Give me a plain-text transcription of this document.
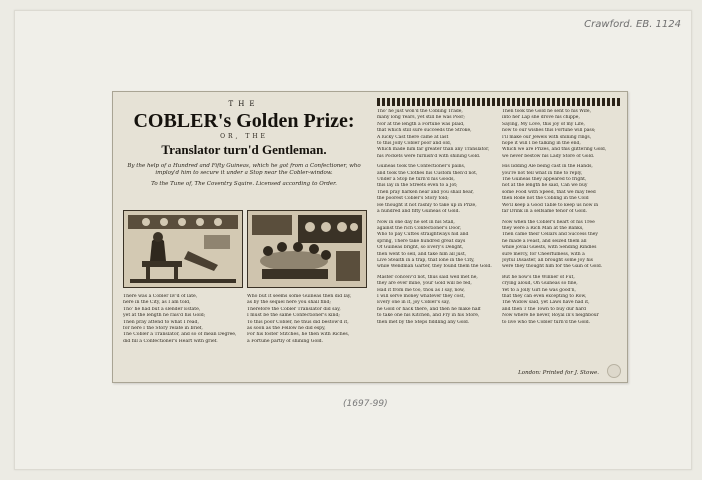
Crawford. EB. 1124
(1697-99)
THE
COBLER's Golden Prize:
OR, THE
Translator turn'd Gentleman.
By the help of a Hundred and Fifty Guineas, which he got from a Confectioner, who imploy'd him to secure it under a Stop near the Cobler-window.
To the Tune of, The Coventry Squire. Licensed according to Order.

There was a Cobler liv'd of late,

here in the City, as I am told,

Tho' he had but a slender Estate,

yet at the length he rais'd his Gold;

Then pray attend to what I read,

for here I the Story relate in brief,

The Cobler a Translator, and so of mean Degree,

did fill a Confectioner's Heart with grief.

Who but it seems some Guineas then did lay,

as by the sequel here you shall find;

Therefore the Cobler Translator did say,

I must be the same Confectioner's kind;

To this poor Cobler, he thus did bestow'd it,

as soon as the Fellow he did espy,

For his foster Stitches, he then with Riches,

a Fortune partly of shining Gold.

Tho' he just won'd the Cobling Trade,

many long Years, yet still he was Poor;

Nor at the length a Fortune was plaid,

that which still sure succeeds the Stroke,

A lucky Cast there came at last

to this Jolly Cobler poor and old,

Which made him far greater than any Translator,

his Pockets were furnish'd with shining Gold.

Guineas took the Confectioner's pains,

and took the Clothes his Custom then'd not,

Under a Stop he turn'd his Goods,

this lay in the Streets even to a Jot;

Then pray harken near and you shall hear,

the poorest Cobler's Story told;

He thought it not rashly to take up in Prize,

a hundred and fifty Guineas of Gold.

Now in one day he set in his Stall,

against the rich Confectioner's Door,

Who to pay Cuttes straightways hid and

spring, There take hundred great days

Of Guineas bright, so Every's Delight,

then went to sell, and take him all just,

Live Stealth in a trap, that lone in the City,

while Wendman Garter, they found them the Gold.

Master conceiv'd not, thus said well met he,

they are ever mine, your Gold will be fed,

Had it from me too, thou as I say, now,

I will serve money whatever they cost,

Every one in it, joy Cobler's say,

he Gold or hack there, and then he make half

to take one his Kitchen, and Fry in his Store,

then met by the Steps fiddling any Gold.

Then took the Gold he sent to his Wife,

into her Lap she drove his chippe,

Saying, My Love, this joy of my Life,

now to our wishes this Fortune will pass;

I'll make our Jewels with shining rings,

hope it will I be talking in the end,

Which we are Prizes, and this glittering Gold,

we never bestow his Lady Store of Gold.

His lidding Ale being cast in the Hands,

you're not tell what in fine to reply,

The Guineas they appeared to fright,

not at the length he said, Can we buy

some Food with Speed, that we may feed

then Rode not the Cobling in the Cold

We'll keep a Good Table to keep us now in

far Drink in a selfsame tenor of Gold.

Now when the Cobler's heart of his Tree

they were a Rich Man at the Banks,

Then came their Cellars and Success they

he made a Feast, and seized them all

while jovial Guests, with Sending Rindles

sure mercy, for Cheerfulness, with a

Joyful Disaster, all brought some Joy his

were they thought him for the Gain of Gold.

But he now's the Winner of Fut,

crying aloud, Oh Guineas so fine,

Yet to a Jolly Girl he was good'n,

that they can even excepting to Row,

The Widow said, yet Laws have had it,

and then T the Town to buy dur hard

Now where he never, Royal in's neighbour

to live who the Cobler turn'd the Gold.

London: Printed for J. Stowe.
